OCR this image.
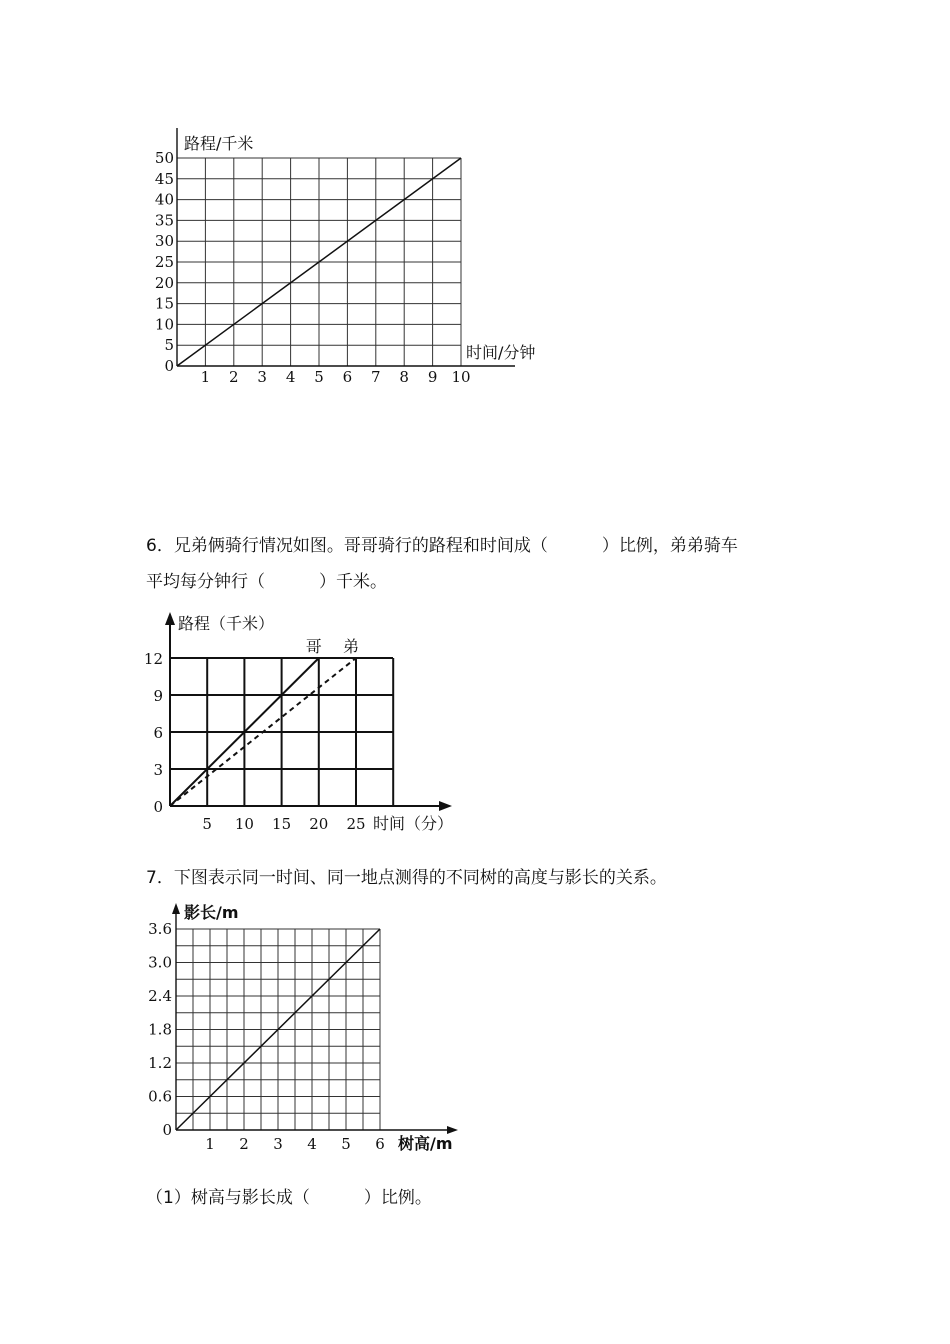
1 2 3 4 5 6 7 8 9 10
0
5
10
15
20
25
30
35
40
45
50
路程/千米
时间/分钟
哥 弟
5 10 15 20 25
0
3
6
9
12
路程（千米）
时间（分）
1 2 3 4 5 6
0
0.6
1.2
1.8
2.4
3.0
3.6
影长/m
树高/m
6．兄弟俩骑行情况如图。哥哥骑行的路程和时间成（          ）比例，弟弟骑车
平均每分钟行（          ）千米。
7．下图表示同一时间、同一地点测得的不同树的高度与影长的关系。
（1）树高与影长成（          ）比例。
